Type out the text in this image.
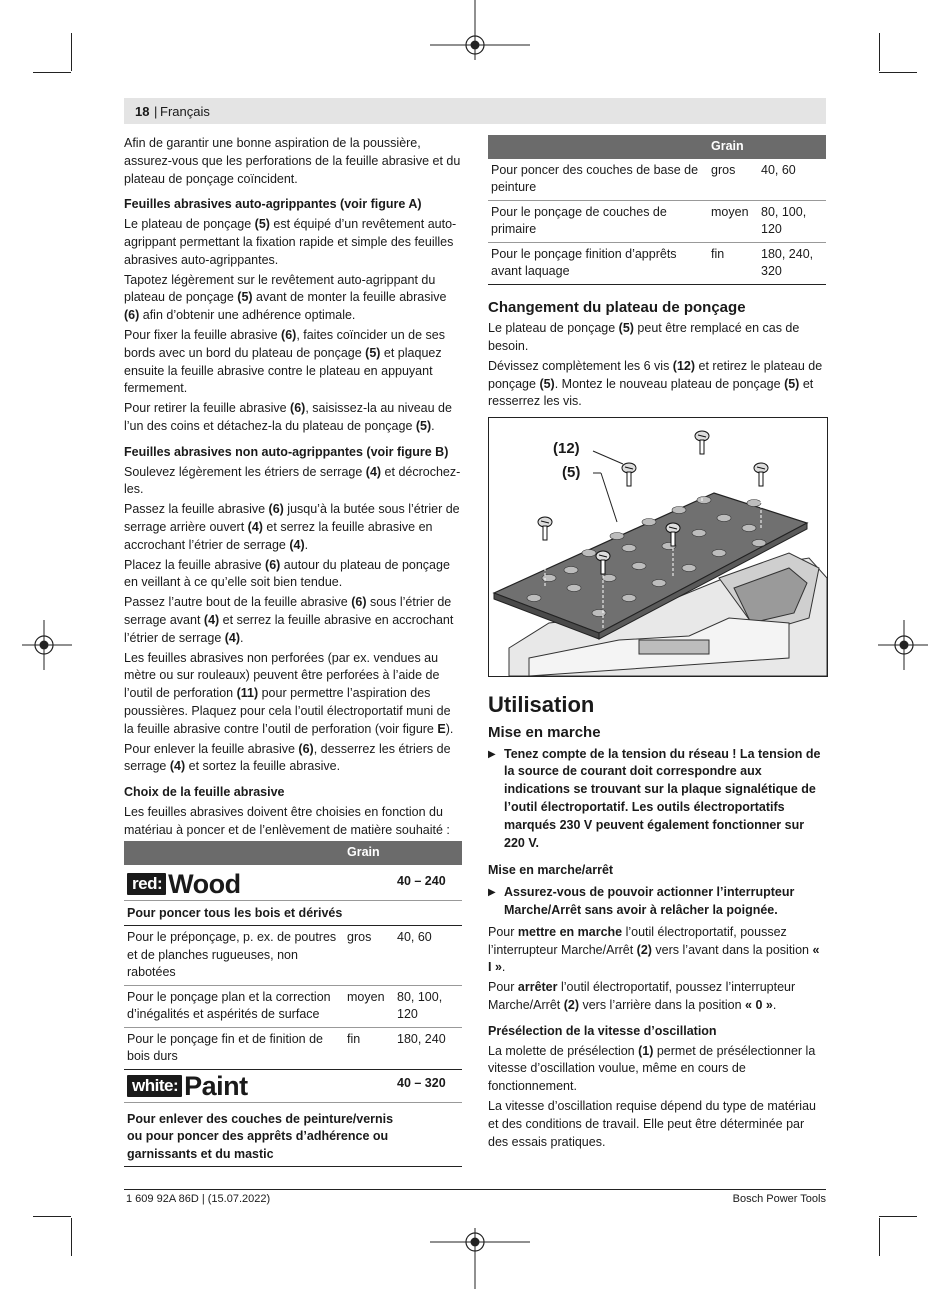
18 | Français

Afin de garantir une bonne aspiration de la poussière, assurez-vous que les perforations de la feuille abrasive et du plateau de ponçage coïncident.

Feuilles abrasives auto-agrippantes (voir figure A)

Le plateau de ponçage (5) est équipé d’un revêtement auto-agrippant permettant la fixation rapide et simple des feuilles abrasives auto-agrippantes.

Tapotez légèrement sur le revêtement auto-agrippant du plateau de ponçage (5) avant de monter la feuille abrasive (6) afin d’obtenir une adhérence optimale.

Pour fixer la feuille abrasive (6), faites coïncider un de ses bords avec un bord du plateau de ponçage (5) et plaquez ensuite la feuille abrasive contre le plateau en appuyant fermement.

Pour retirer la feuille abrasive (6), saisissez-la au niveau de l’un des coins et détachez-la du plateau de ponçage (5).

Feuilles abrasives non auto-agrippantes (voir figure B)

Soulevez légèrement les étriers de serrage (4) et décrochez-les.

Passez la feuille abrasive (6) jusqu’à la butée sous l’étrier de serrage arrière ouvert (4) et serrez la feuille abrasive en accrochant l’étrier de serrage (4).

Placez la feuille abrasive (6) autour du plateau de ponçage en veillant à ce qu’elle soit bien tendue.

Passez l’autre bout de la feuille abrasive (6) sous l’étrier de serrage avant (4) et serrez la feuille abrasive en accrochant l’étrier de serrage (4).

Les feuilles abrasives non perforées (par ex. vendues au mètre ou sur rouleaux) peuvent être perforées à l’aide de l’outil de perforation (11) pour permettre l’aspiration des poussières. Plaquez pour cela l’outil électroportatif muni de la feuille abrasive contre l’outil de perforation (voir figure E).

Pour enlever la feuille abrasive (6), desserrez les étriers de serrage (4) et sortez la feuille abrasive.

Choix de la feuille abrasive

Les feuilles abrasives doivent être choisies en fonction du matériau à poncer et de l’enlèvement de matière souhaité :

	Grain	

red: Wood		40 – 240
Pour poncer tous les bois et dérivés		
Pour le préponçage, p. ex. de poutres et de planches rugueuses, non rabotées	gros	40, 60
Pour le ponçage plan et la correction d’inégalités et aspérités de surface	moyen	80, 100, 120
Pour le ponçage fin et de finition de bois durs	fin	180, 240

white: Paint		40 – 320
Pour enlever des couches de peinture/vernis ou pour poncer des apprêts d’adhérence ou garnissants et du mastic		
	Grain	
Pour poncer des couches de base de peinture	gros	40, 60
Pour le ponçage de couches de primaire	moyen	80, 100, 120
Pour le ponçage finition d’apprêts avant laquage	fin	180, 240, 320
Changement du plateau de ponçage

Le plateau de ponçage (5) peut être remplacé en cas de besoin.

Dévissez complètement les 6 vis (12) et retirez le plateau de ponçage (5). Montez le nouveau plateau de ponçage (5) et resserrez les vis.

(12)
(5)
Utilisation
Mise en marche
▶ Tenez compte de la tension du réseau ! La tension de la source de courant doit correspondre aux indications se trouvant sur la plaque signalétique de l’outil électroportatif. Les outils électroportatifs marqués 230 V peuvent également fonctionner sur 220 V.
Mise en marche/arrêt
▶ Assurez-vous de pouvoir actionner l’interrupteur Marche/Arrêt sans avoir à relâcher la poignée.

Pour mettre en marche l’outil électroportatif, poussez l’interrupteur Marche/Arrêt (2) vers l’avant dans la position « I ».

Pour arrêter l’outil électroportatif, poussez l’interrupteur Marche/Arrêt (2) vers l’arrière dans la position « 0 ».

Présélection de la vitesse d’oscillation

La molette de présélection (1) permet de présélectionner la vitesse d’oscillation voulue, même en cours de fonctionnement.

La vitesse d’oscillation requise dépend du type de matériau et des conditions de travail. Elle peut être déterminée par des essais pratiques.

1 609 92A 86D | (15.07.2022)	Bosch Power Tools
